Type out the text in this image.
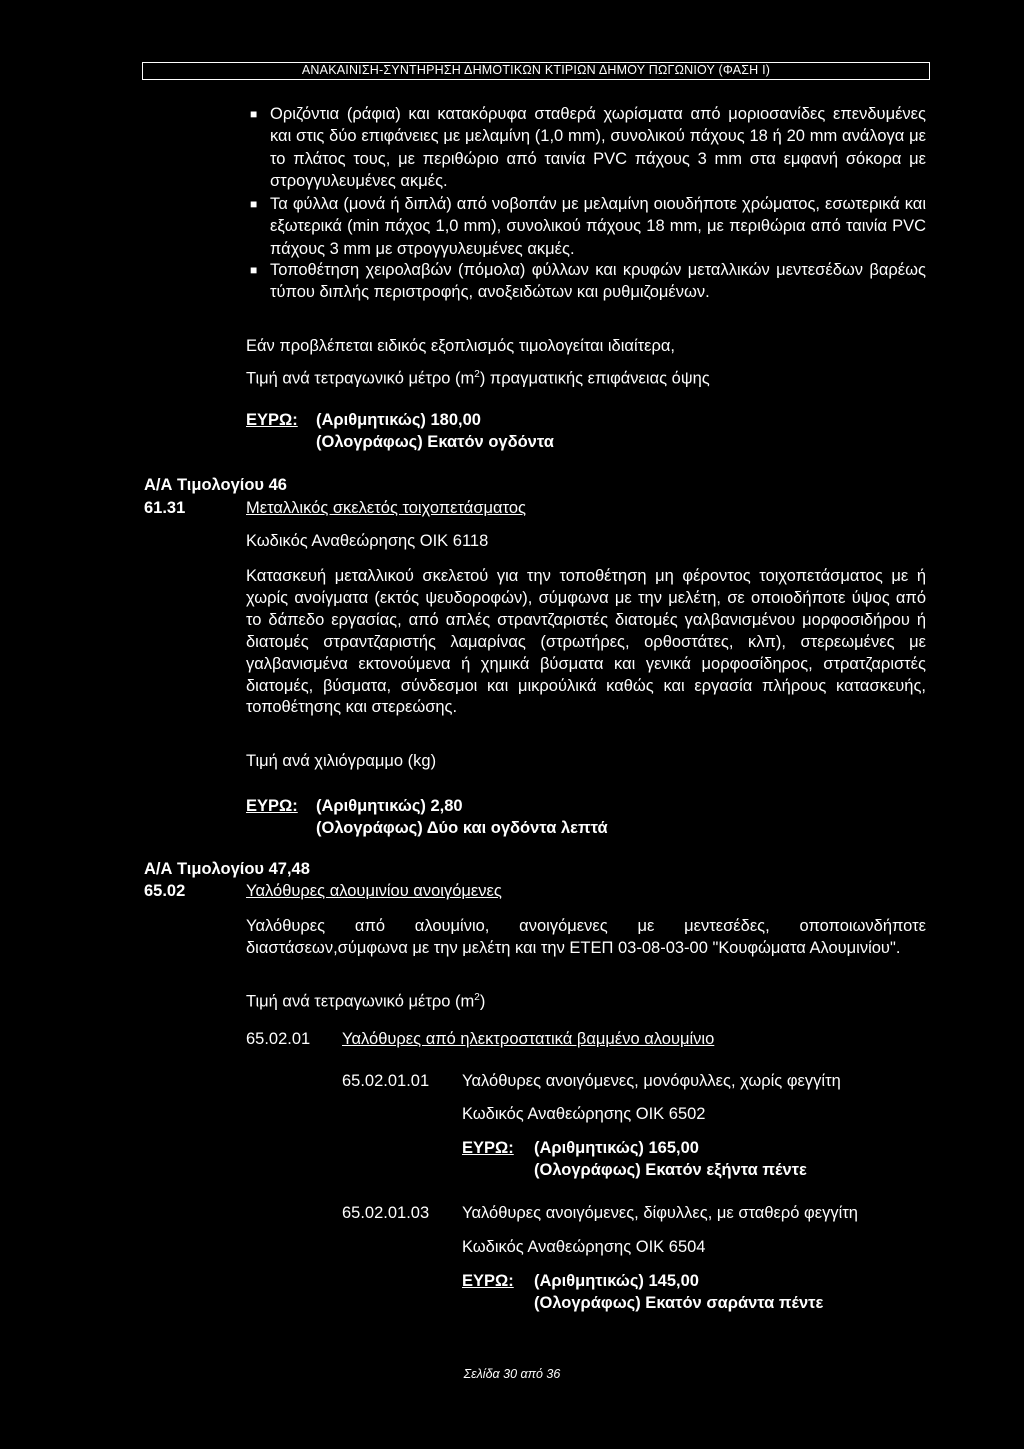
ΑΝΑΚΑΙΝΙΣΗ-ΣΥΝΤΗΡΗΣΗ ΔΗΜΟΤΙΚΩΝ ΚΤΙΡΙΩΝ ΔΗΜΟΥ ΠΩΓΩΝΙΟΥ (ΦΑΣΗ Ι)
■ Οριζόντια (ράφια) και κατακόρυφα σταθερά χωρίσματα από μοριοσανίδες επενδυμένες και στις δύο επιφάνειες με μελαμίνη (1,0 mm), συνολικού πάχους 18 ή 20 mm ανάλογα με το πλάτος τους, με περιθώριο από ταινία PVC πάχους 3 mm στα εμφανή σόκορα με στρογγυλευμένες ακμές.
■ Τα φύλλα (μονά ή διπλά) από νοβοπάν με μελαμίνη οιουδήποτε χρώματος, εσωτερικά και εξωτερικά (min πάχος 1,0 mm), συνολικού πάχους 18 mm, με περιθώρια από ταινία PVC πάχους 3 mm με στρογγυλευμένες ακμές.
■ Τοποθέτηση χειρολαβών (πόμολα) φύλλων και κρυφών μεταλλικών μεντεσέδων βαρέως τύπου διπλής περιστροφής, ανοξειδώτων και ρυθμιζομένων.
Εάν προβλέπεται ειδικός εξοπλισμός τιμολογείται ιδιαίτερα,
Τιμή ανά τετραγωνικό μέτρο $(m^2)$ πραγματικής επιφάνειας όψης
ΕΥΡΩ: (Αριθμητικώς) 180,00
(Ολογράφως) Εκατόν ογδόντα
Α/Α Τιμολογίου 46
61.31	Μεταλλικός σκελετός τοιχοπετάσματος
Κωδικός Αναθεώρησης ΟΙΚ 6118
Κατασκευή μεταλλικού σκελετού για την τοποθέτηση μη φέροντος τοιχοπετάσματος με ή χωρίς ανοίγματα (εκτός ψευδοροφών), σύμφωνα με την μελέτη, σε οποιοδήποτε ύψος από το δάπεδο εργασίας, από απλές στραντζαριστές διατομές γαλβανισμένου μορφοσιδήρου ή διατομές στραντζαριστής λαμαρίνας (στρωτήρες, ορθοστάτες, κλπ), στερεωμένες με γαλβανισμένα εκτονούμενα ή χημικά βύσματα και γενικά μορφοσίδηρος, στρατζαριστές διατομές, βύσματα, σύνδεσμοι και μικρούλικά καθώς και εργασία πλήρους κατασκευής, τοποθέτησης και στερεώσης.
Τιμή ανά χιλιόγραμμο (kg)
ΕΥΡΩ: (Αριθμητικώς) 2,80
(Ολογράφως) Δύο και ογδόντα λεπτά
Α/Α Τιμολογίου 47,48
65.02	Υαλόθυρες αλουμινίου ανοιγόμενες
Υαλόθυρες από αλουμίνιο, ανοιγόμενες με μεντεσέδες, οποποιωνδήποτε διαστάσεων,σύμφωνα με την μελέτη και την ΕΤΕΠ 03-08-03-00 "Κουφώματα Αλουμινίου".
Τιμή ανά τετραγωνικό μέτρο $(m^2)$
65.02.01 Υαλόθυρες από ηλεκτροστατικά βαμμένο αλουμίνιο
65.02.01.01 Υαλόθυρες ανοιγόμενες, μονόφυλλες, χωρίς φεγγίτη
Κωδικός Αναθεώρησης ΟΙΚ 6502
ΕΥΡΩ: (Αριθμητικώς) 165,00
(Ολογράφως) Εκατόν εξήντα πέντε
65.02.01.03 Υαλόθυρες ανοιγόμενες, δίφυλλες, με σταθερό φεγγίτη
Κωδικός Αναθεώρησης ΟΙΚ 6504
ΕΥΡΩ: (Αριθμητικώς) 145,00
(Ολογράφως) Εκατόν σαράντα πέντε
Σελίδα 30 από 36
